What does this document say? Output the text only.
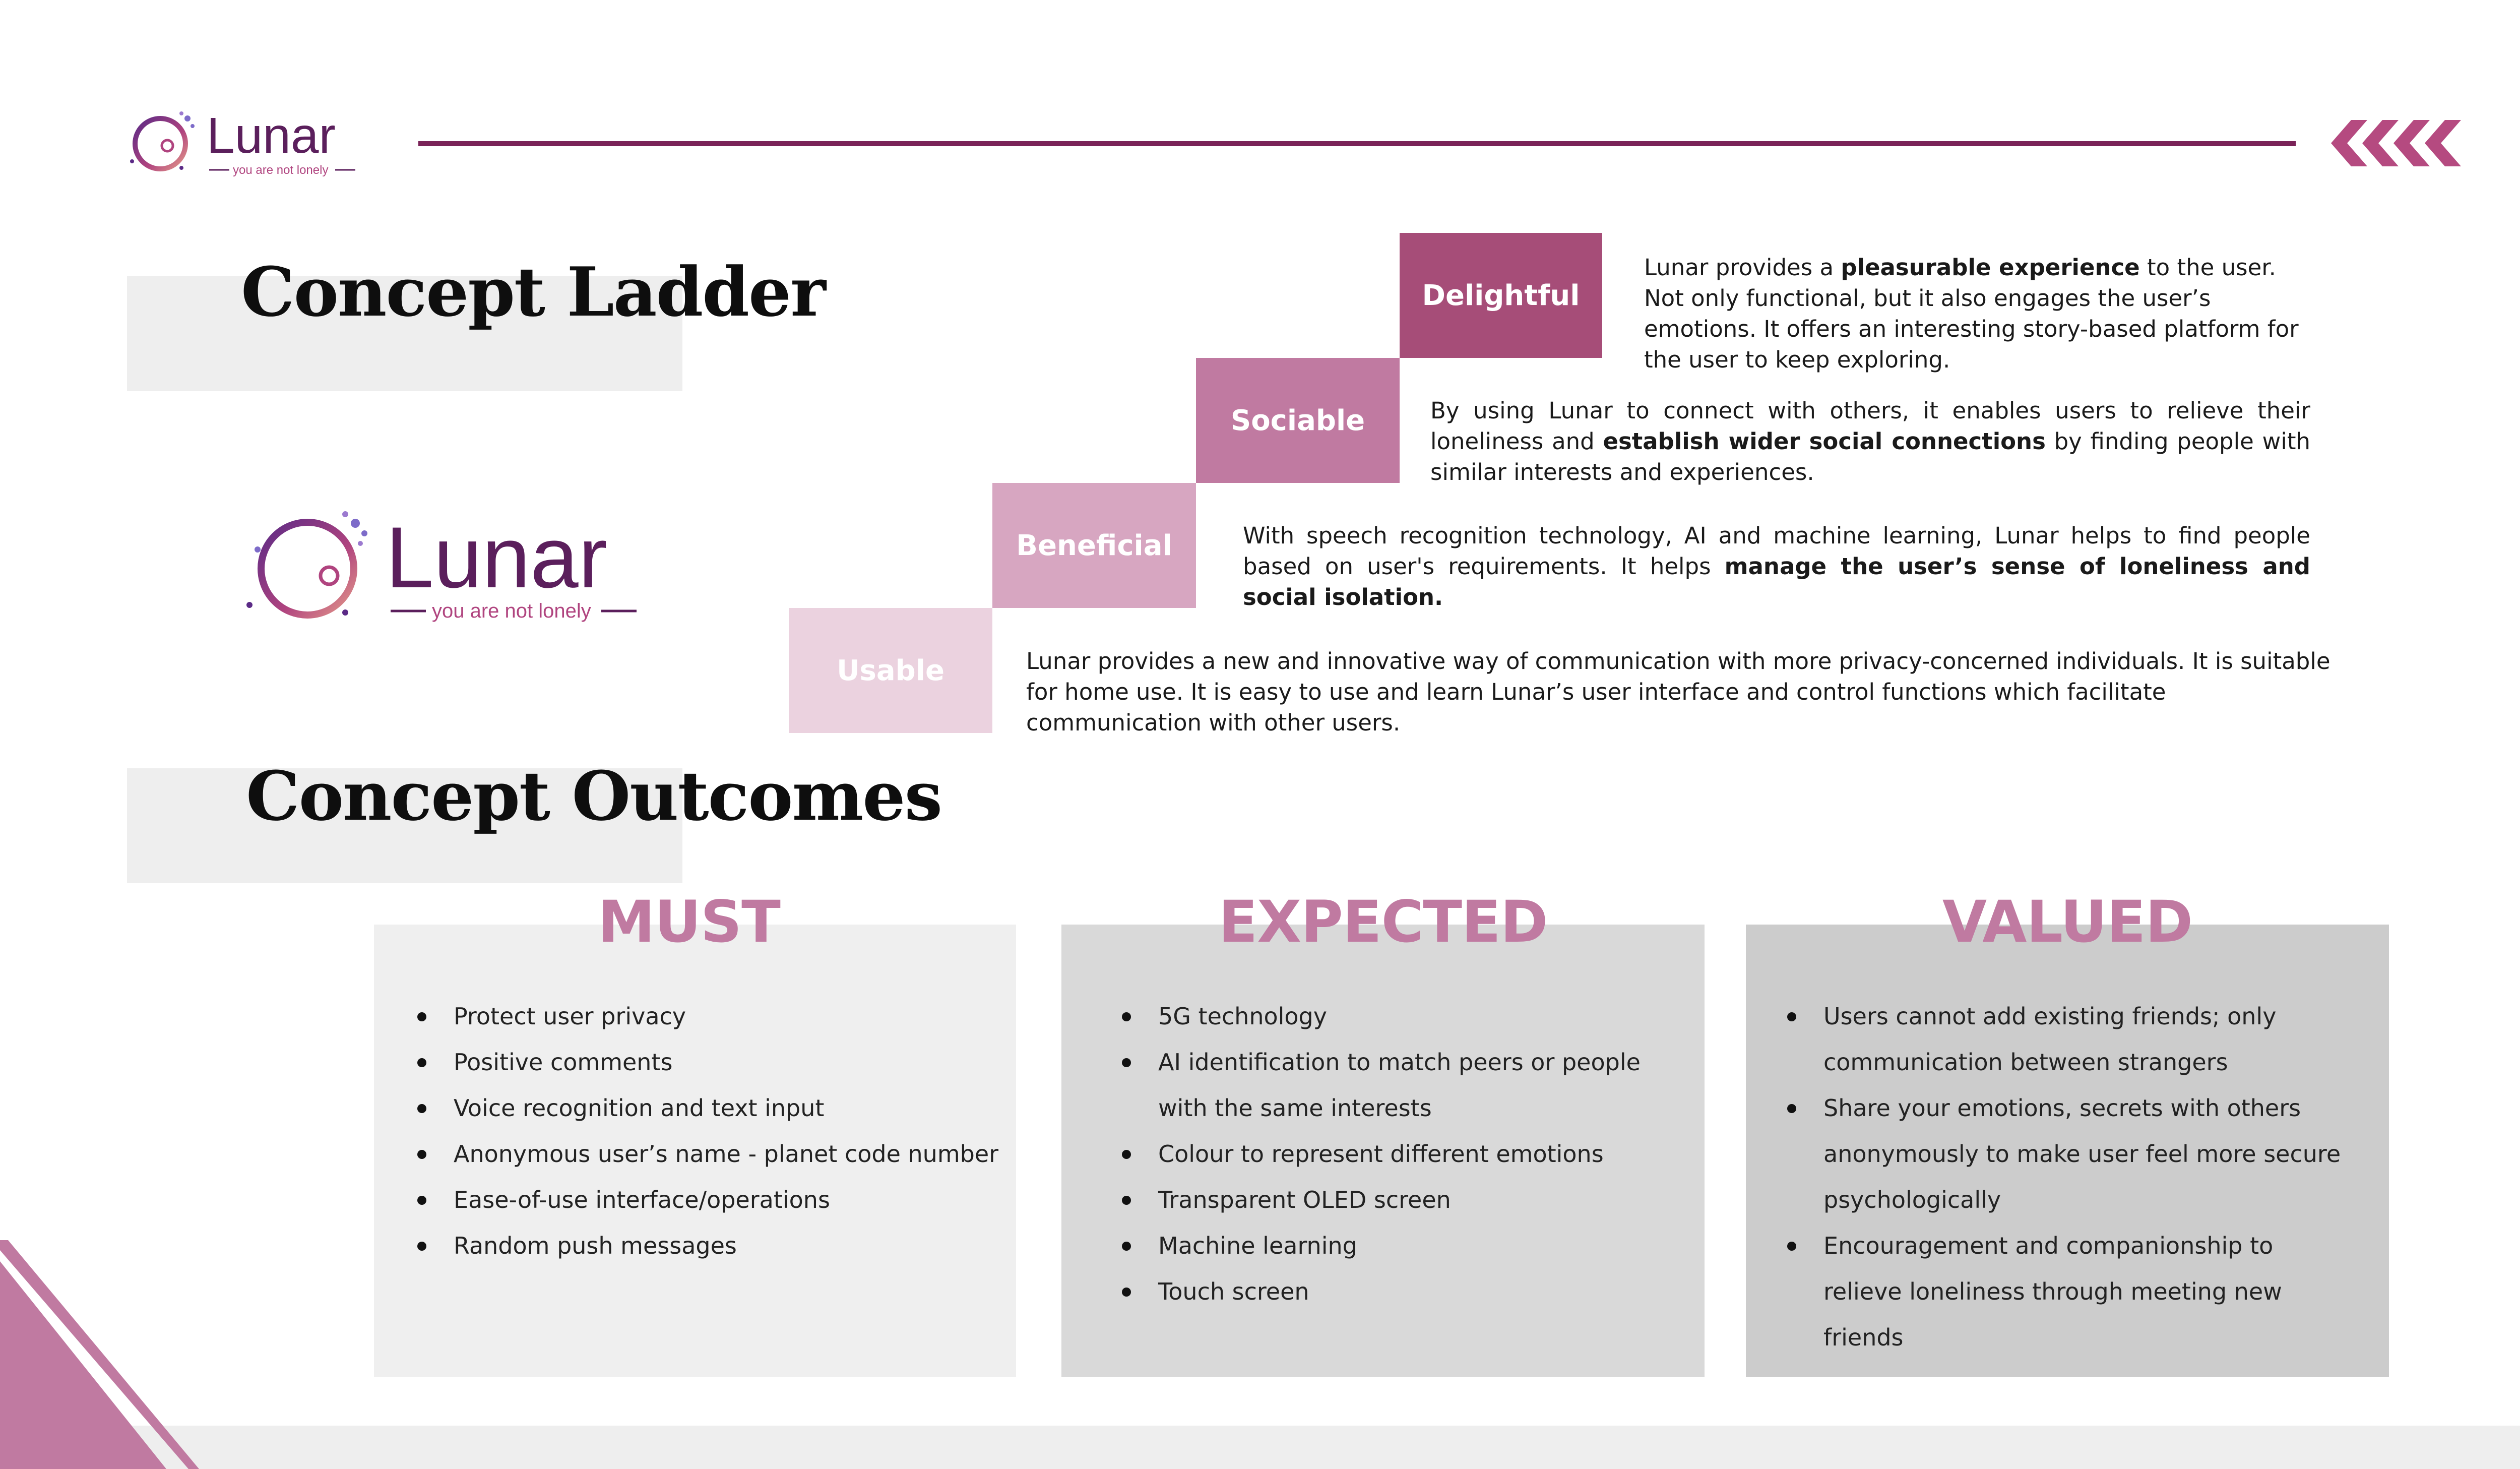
Lunar
you are not lonely
Concept Ladder
Lunar
you are not lonely
Delightful
Sociable
Beneficial
Usable
Lunar provides a pleasurable experience to the user. Not only functional, but it also engages the user’s emotions. It offers an interesting story-based platform for the user to keep exploring.
By using Lunar to connect with others, it enables users to relieve their loneliness and establish wider social connections by finding people with similar interests and experiences.
With speech recognition technology, AI and machine learning, Lunar helps to find people based on user's requirements. It helps manage the user’s sense of loneliness and social isolation.
Lunar provides a new and innovative way of communication with more privacy-concerned individuals. It is suitable for home use. It is easy to use and learn Lunar’s user interface and control functions which facilitate communication with other users.
Concept Outcomes
MUST
Protect user privacy
Positive comments
Voice recognition and text input
Anonymous user’s name - planet code number
Ease-of-use interface/operations
Random push messages
EXPECTED
5G technology
AI identification to match peers or people with the same interests
Colour to represent different emotions
Transparent OLED screen
Machine learning
Touch screen
VALUED
Users cannot add existing friends; only communication between strangers
Share your emotions, secrets with others anonymously to make user feel more secure psychologically
Encouragement and companionship to relieve loneliness through meeting new friends
